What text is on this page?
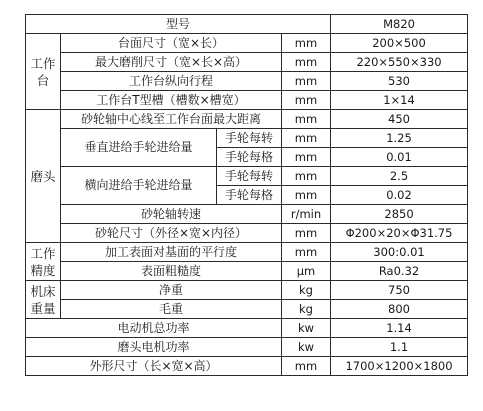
型号				M820

工作
台	台面尺寸（宽×长）		mm	200×500
	最大磨削尺寸（宽×长×高）		mm	220×550×330
	工作台纵向行程		mm	530
	工作台T型槽（槽数×槽宽）		mm	1×14
磨头	砂轮轴中心线至工作台面最大距离		mm	450
	垂直进给手轮进给量	手轮每转	mm	1.25
		手轮每格	mm	0.01
	横向进给手轮进给量	手轮每转	mm	2.5
		手轮每格	mm	0.02
	砂轮轴转速		r/min	2850
	砂轮尺寸（外径×宽×内径）		mm	Φ200×20×Φ31.75

工作
精度	加工表面对基面的平行度		mm	300:0.01
	表面粗糙度		μm	Ra0.32

机床
重量	净重		kg	750
	毛重		kg	800
电动机总功率			kw	1.14
磨头电机功率			kw	1.1
外形尺寸（长×宽×高）			mm	1700×1200×1800
